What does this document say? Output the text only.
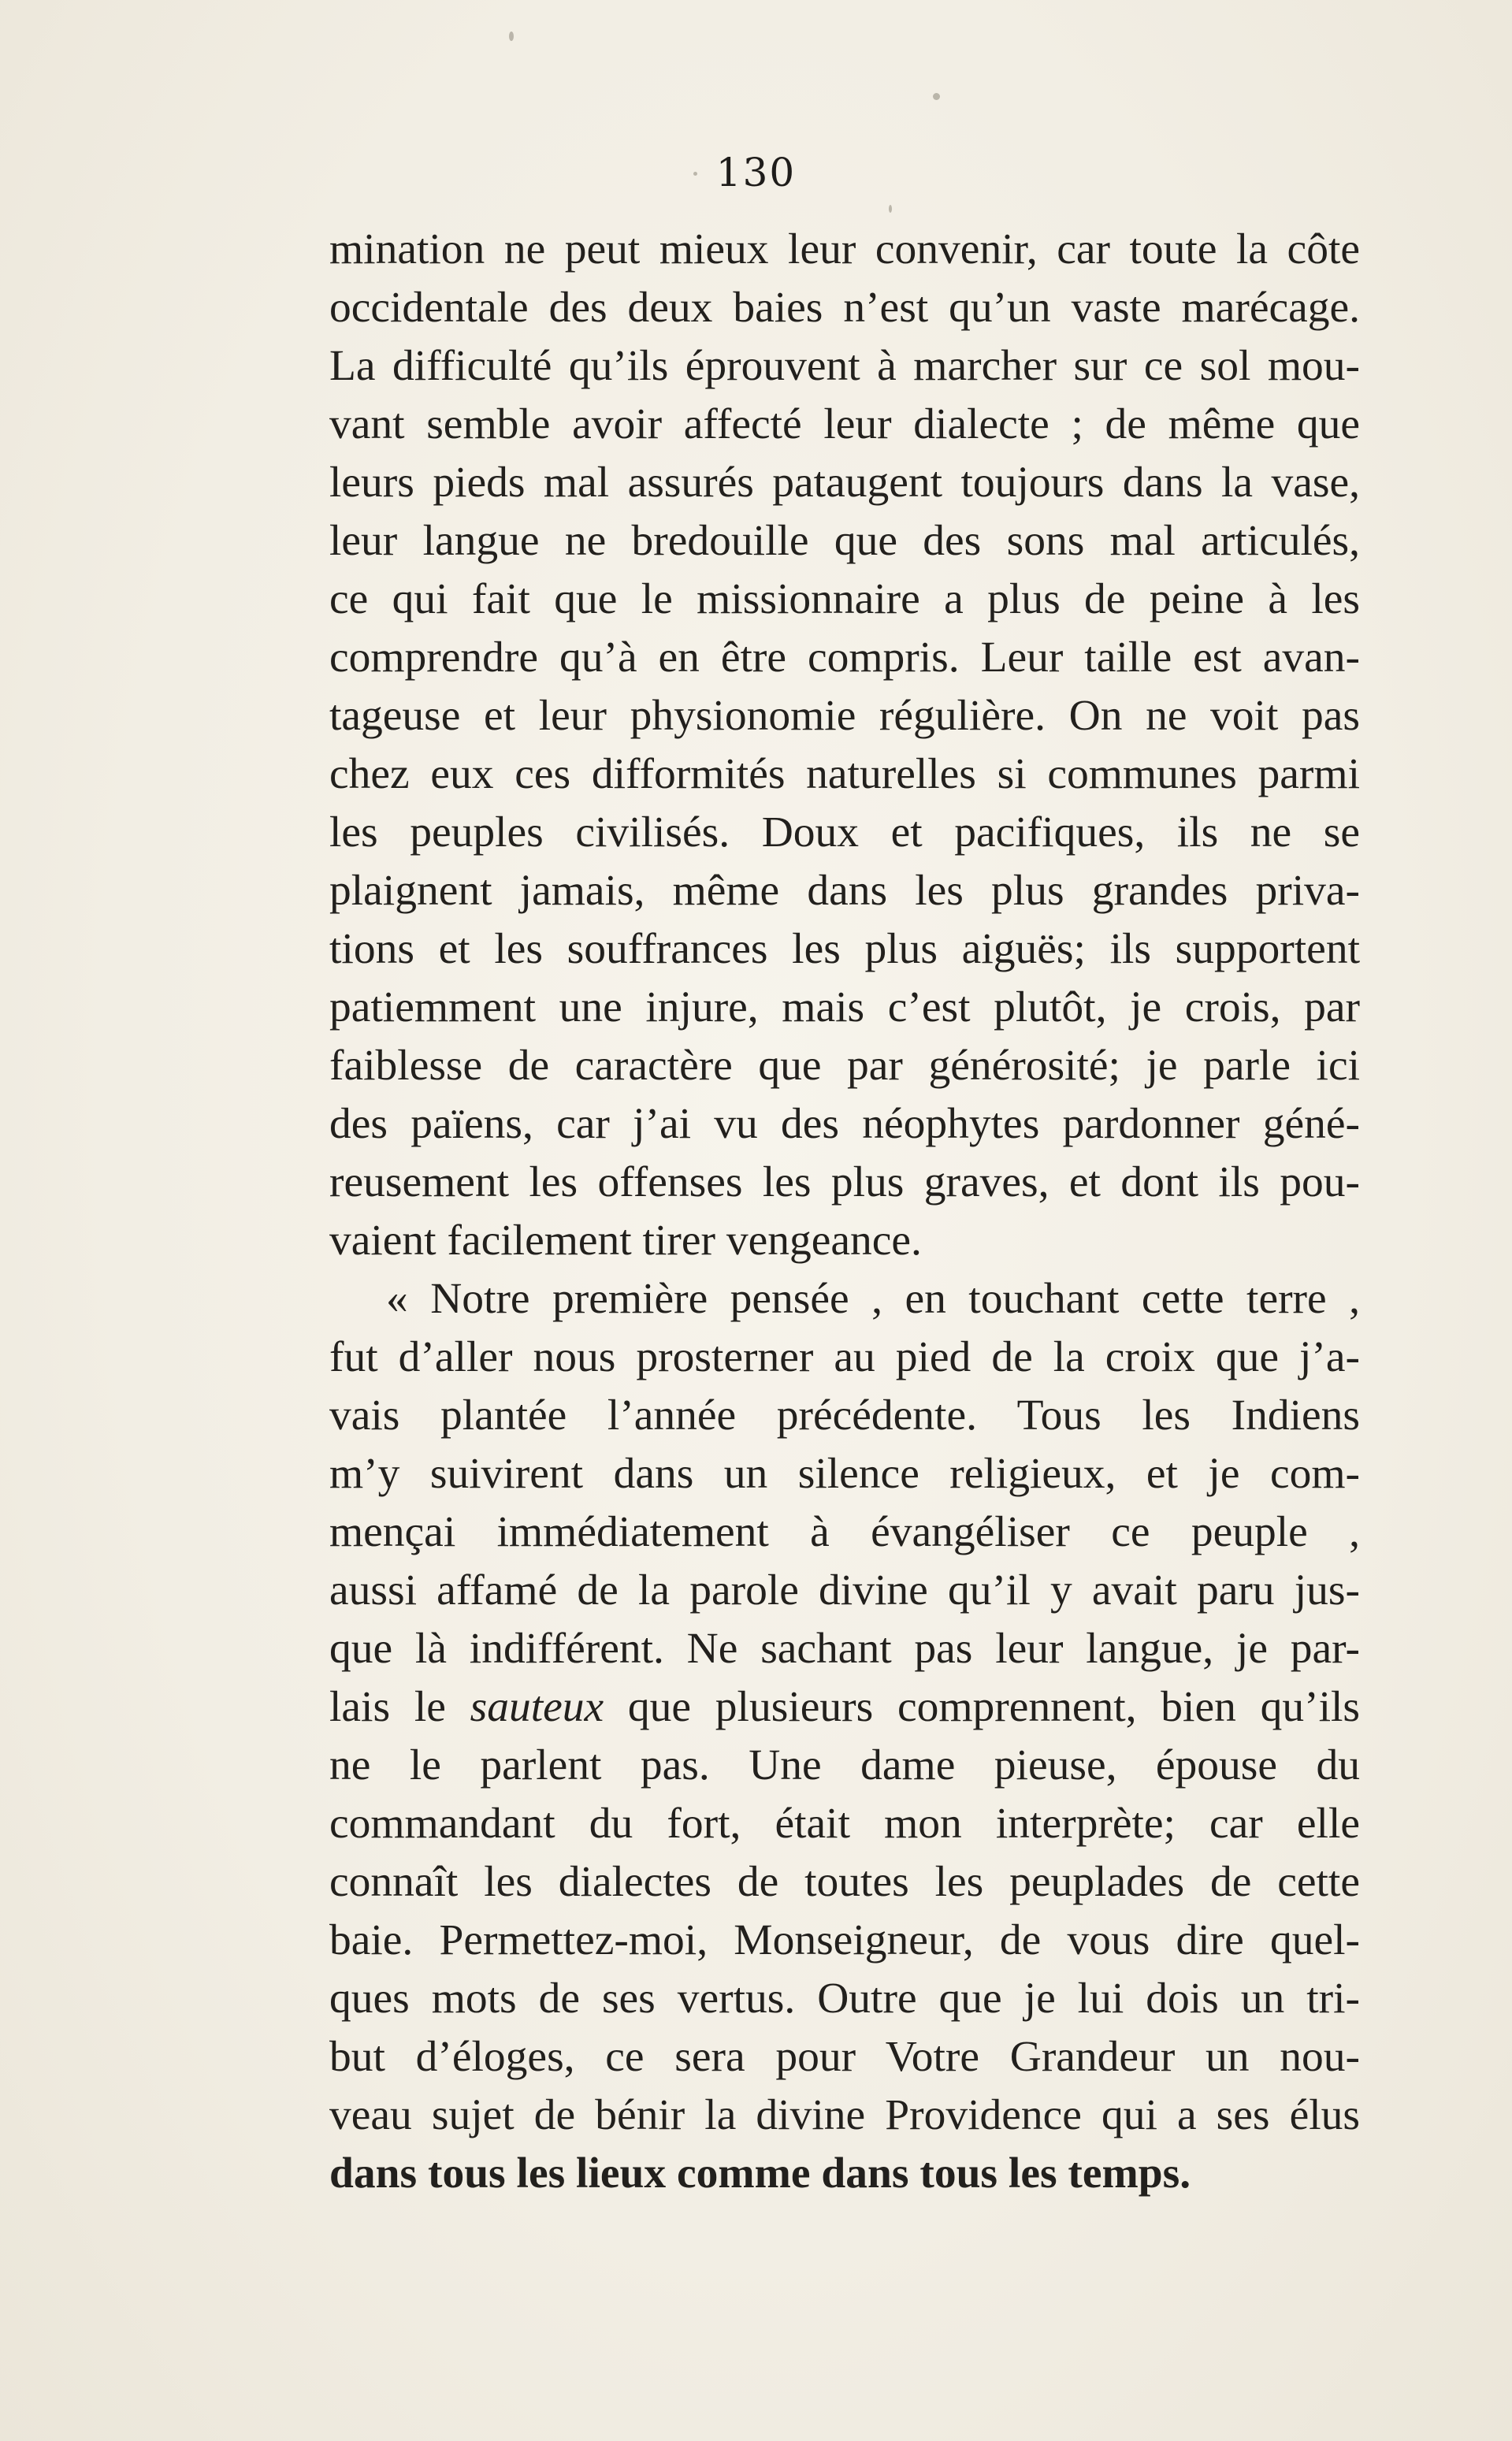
130
mination ne peut mieux leur convenir, car toute la côte
occidentale des deux baies n’est qu’un vaste marécage.
La difficulté qu’ils éprouvent à marcher sur ce sol mou-
vant semble avoir affecté leur dialecte ; de même que
leurs pieds mal assurés pataugent toujours dans la vase,
leur langue ne bredouille que des sons mal articulés,
ce qui fait que le missionnaire a plus de peine à les
comprendre qu’à en être compris. Leur taille est avan-
tageuse et leur physionomie régulière. On ne voit pas
chez eux ces difformités naturelles si communes parmi
les peuples civilisés. Doux et pacifiques, ils ne se
plaignent jamais, même dans les plus grandes priva-
tions et les souffrances les plus aiguës; ils supportent
patiemment une injure, mais c’est plutôt, je crois, par
faiblesse de caractère que par générosité; je parle ici
des païens, car j’ai vu des néophytes pardonner géné-
reusement les offenses les plus graves, et dont ils pou-
vaient facilement tirer vengeance.
« Notre première pensée , en touchant cette terre ,
fut d’aller nous prosterner au pied de la croix que j’a-
vais plantée l’année précédente. Tous les Indiens
m’y suivirent dans un silence religieux, et je com-
mençai immédiatement à évangéliser ce peuple ,
aussi affamé de la parole divine qu’il y avait paru jus-
que là indifférent. Ne sachant pas leur langue, je par-
lais le sauteux que plusieurs comprennent, bien qu’ils
ne le parlent pas. Une dame pieuse, épouse du
commandant du fort, était mon interprète; car elle
connaît les dialectes de toutes les peuplades de cette
baie. Permettez-moi, Monseigneur, de vous dire quel-
ques mots de ses vertus. Outre que je lui dois un tri-
but d’éloges, ce sera pour Votre Grandeur un nou-
veau sujet de bénir la divine Providence qui a ses élus
dans tous les lieux comme dans tous les temps.
